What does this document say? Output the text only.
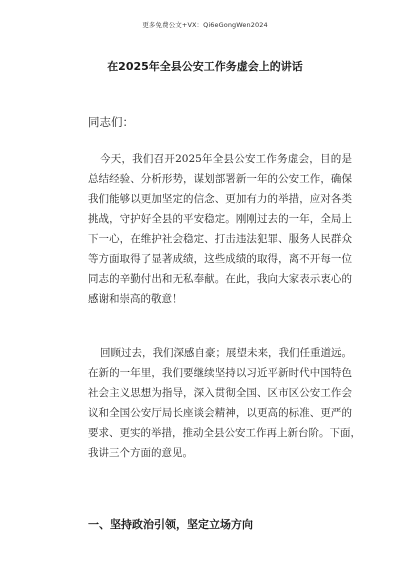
更多免费公文+VX：Qi6eGongWen2024
在2025年全县公安工作务虚会上的讲话
同志们：
今天，我们召开2025年全县公安工作务虚会，目的是
总结经验、分析形势，谋划部署新一年的公安工作，确保
我们能够以更加坚定的信念、更加有力的举措，应对各类
挑战，守护好全县的平安稳定。刚刚过去的一年，全局上
下一心，在维护社会稳定、打击违法犯罪、服务人民群众
等方面取得了显著成绩，这些成绩的取得，离不开每一位
同志的辛勤付出和无私奉献。在此，我向大家表示衷心的
感谢和崇高的敬意！
回顾过去，我们深感自豪；展望未来，我们任重道远。
在新的一年里，我们要继续坚持以习近平新时代中国特色
社会主义思想为指导，深入贯彻全国、区市区公安工作会
议和全国公安厅局长座谈会精神，以更高的标准、更严的
要求、更实的举措，推动全县公安工作再上新台阶。下面，
我讲三个方面的意见。
一、坚持政治引领，坚定立场方向
